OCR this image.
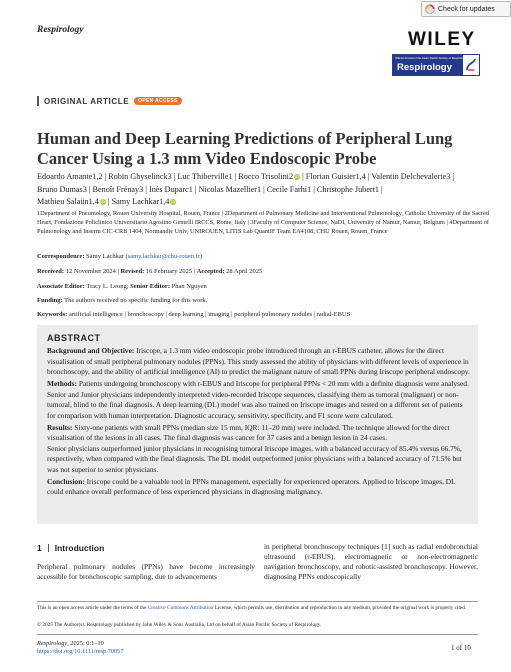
Check for updates
Respirology	WILEY
Official Journal of the Asian Pacific Society of Respirology
Respirology
ORIGINAL ARTICLE	OPEN ACCESS
Human and Deep Learning Predictions of Peripheral Lung
Cancer Using a 1.3 mm Video Endoscopic Probe
Edoardo Amante1,2 | Robin Ghyselinck3 | Luc Thiberville1 | Rocco Trisolini2 iD | Florian Guisier1,4 | Valentin Delchevalerie3 |
Bruno Dumas3 | Benoît Frénay3 | Inès Duparc1 | Nicolas Mazellier1 | Cecile Farhi1 | Christophe Jubert1 |
Mathieu Salaün1,4 iD | Samy Lachkar1,4 iD
1Department of Pneumology, Rouen University Hospital, Rouen, France | 2Department of Pulmonary Medicine and Interventional Pulmonology, Catholic University of the Sacred Heart, Fondazione Policlinico Universitario Agostino Gemelli IRCCS, Rome, Italy | 3Faculty of Computer Science, NaDI, University of Namur, Namur, Belgium | 4Department of Pulmonology and Inserm CIC-CRB 1404, Normandie Univ, UNIROUEN, LITIS Lab QuantIF Team EA4108, CHU Rouen, Rouen, France
Correspondence: Samy Lachkar (samy.lachkar@chu-rouen.fr)
Received: 12 November 2024 | Revised: 16 February 2025 | Accepted: 28 April 2025
Associate Editor: Tracy L. Leong; Senior Editor: Phan Nguyen
Funding: The authors received no specific funding for this work.
Keywords: artificial intelligence | bronchoscopy | deep learning | imaging | peripheral pulmonary nodules | radial-EBUS
ABSTRACT

Background and Objective: Iriscope, a 1.3 mm video endoscopic probe introduced through an r-EBUS catheter, allows for the direct visualisation of small peripheral pulmonary nodules (PPNs). This study assessed the ability of physicians with different levels of experience in bronchoscopy, and the ability of artificial intelligence (AI) to predict the malignant nature of small PPNs during Iriscope peripheral endoscopy.

Methods: Patients undergoing bronchoscopy with r-EBUS and Iriscope for peripheral PPNs < 20 mm with a definite diagnosis were analysed. Senior and Junior physicians independently interpreted video-recorded Iriscope sequences, classifying them as tumoral (malignant) or non-tumoral, blind to the final diagnosis. A deep learning (DL) model was also trained on Iriscope images and tested on a different set of patients for comparison with human interpretation. Diagnostic accuracy, sensitivity, specificity, and F1 score were calculated.

Results: Sixty-one patients with small PPNs (median size 15 mm, IQR: 11–20 mm) were included. The technique allowed for the direct visualisation of the lesions in all cases. The final diagnosis was cancer for 37 cases and a benign lesion in 24 cases.

Senior physicians outperformed junior physicians in recognising tumoral Iriscope images, with a balanced accuracy of 85.4% versus 66.7%, respectively, when compared with the final diagnosis. The DL model outperformed junior physicians with a balanced accuracy of 71.5% but was not superior to senior physicians.

Conclusion: Iriscope could be a valuable tool in PPNs management, especially for experienced operators. Applied to Iriscope images, DL could enhance overall performance of less experienced physicians in diagnosing malignancy.

1 Introduction
Peripheral pulmonary nodules (PPNs) have become increasingly accessible for bronchoscopic sampling, due to advancements
in peripheral bronchoscopy techniques [1] such as radial endobronchial ultrasound (r-EBUS), electromagnetic or non-electromagnetic navigation bronchoscopy, and robotic-assisted bronchoscopy. However, diagnosing PPNs endoscopically
This is an open access article under the terms of the Creative Commons Attribution License, which permits use, distribution and reproduction in any medium, provided the original work is properly cited.
© 2025 The Author(s). Respirology published by John Wiley & Sons Australia, Ltd on behalf of Asian Pacific Society of Respirology.
Respirology, 2025; 0:1–10
https://doi.org/10.1111/resp.70057	1 of 10
